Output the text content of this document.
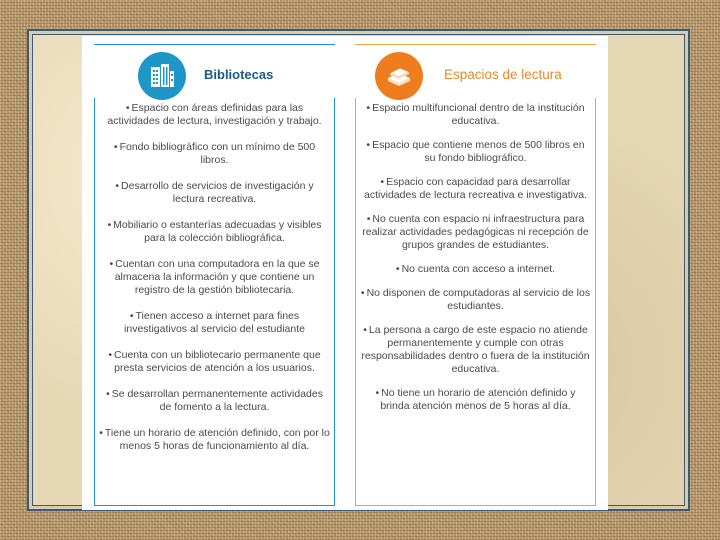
Bibliotecas

• Espacio con áreas definidas para las actividades de lectura, investigación y trabajo.

• Fondo bibliográfico con un mínimo de 500 libros.

• Desarrollo de servicios de investigación y lectura recreativa.

• Mobiliario o estanterías adecuadas y visibles para la colección bibliográfica.

• Cuentan con una computadora en la que se almacena la información y que contiene un registro de la gestión bibliotecaria.

• Tienen acceso a internet para fines investigativos al servicio del estudiante

• Cuenta con un bibliotecario permanente que presta servicios de atención a los usuarios.

• Se desarrollan permanentemente actividades de fomento a la lectura.

• Tiene un horario de atención definido, con por lo menos 5 horas de funcionamiento al día.

Espacios de lectura

• Espacio multifuncional dentro de la institución educativa.

• Espacio que contiene menos de 500 libros en su fondo bibliográfico.

• Espacio con capacidad para desarrollar actividades de lectura recreativa e investigativa.

• No cuenta con espacio ni infraestructura para realizar actividades pedagógicas ni recepción de grupos grandes de estudiantes.

• No cuenta con acceso a internet.

• No disponen de computadoras al servicio de los estudiantes.

• La persona a cargo de este espacio no atiende permanentemente y cumple con otras responsabilidades dentro o fuera de la institución educativa.

• No tiene un horario de atención definido y brinda atención menos de 5 horas al día.
